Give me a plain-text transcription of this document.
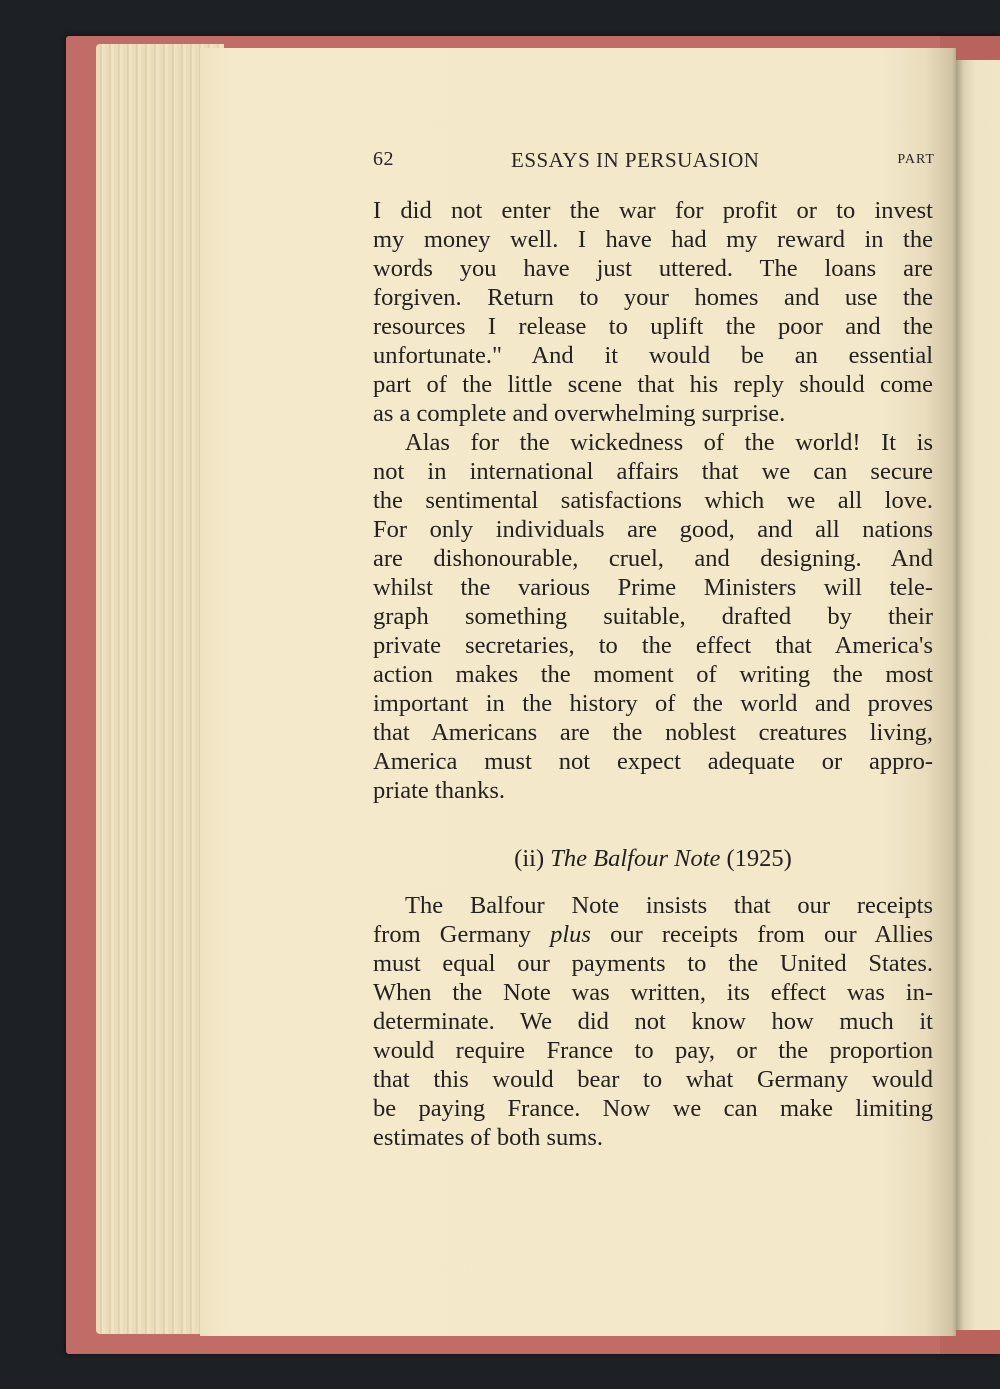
62	ESSAYS IN PERSUASION	PART
I did not enter the war for profit or to invest
my money well. I have had my reward in the
words you have just uttered. The loans are
forgiven. Return to your homes and use the
resources I release to uplift the poor and the
unfortunate." And it would be an essential
part of the little scene that his reply should come
as a complete and overwhelming surprise.
Alas for the wickedness of the world! It is
not in international affairs that we can secure
the sentimental satisfactions which we all love.
For only individuals are good, and all nations
are dishonourable, cruel, and designing. And
whilst the various Prime Ministers will tele-
graph something suitable, drafted by their
private secretaries, to the effect that America's
action makes the moment of writing the most
important in the history of the world and proves
that Americans are the noblest creatures living,
America must not expect adequate or appro-
priate thanks.
(ii) The Balfour Note (1925)
The Balfour Note insists that our receipts
from Germany plus our receipts from our Allies
must equal our payments to the United States.
When the Note was written, its effect was in-
determinate. We did not know how much it
would require France to pay, or the proportion
that this would bear to what Germany would
be paying France. Now we can make limiting
estimates of both sums.
